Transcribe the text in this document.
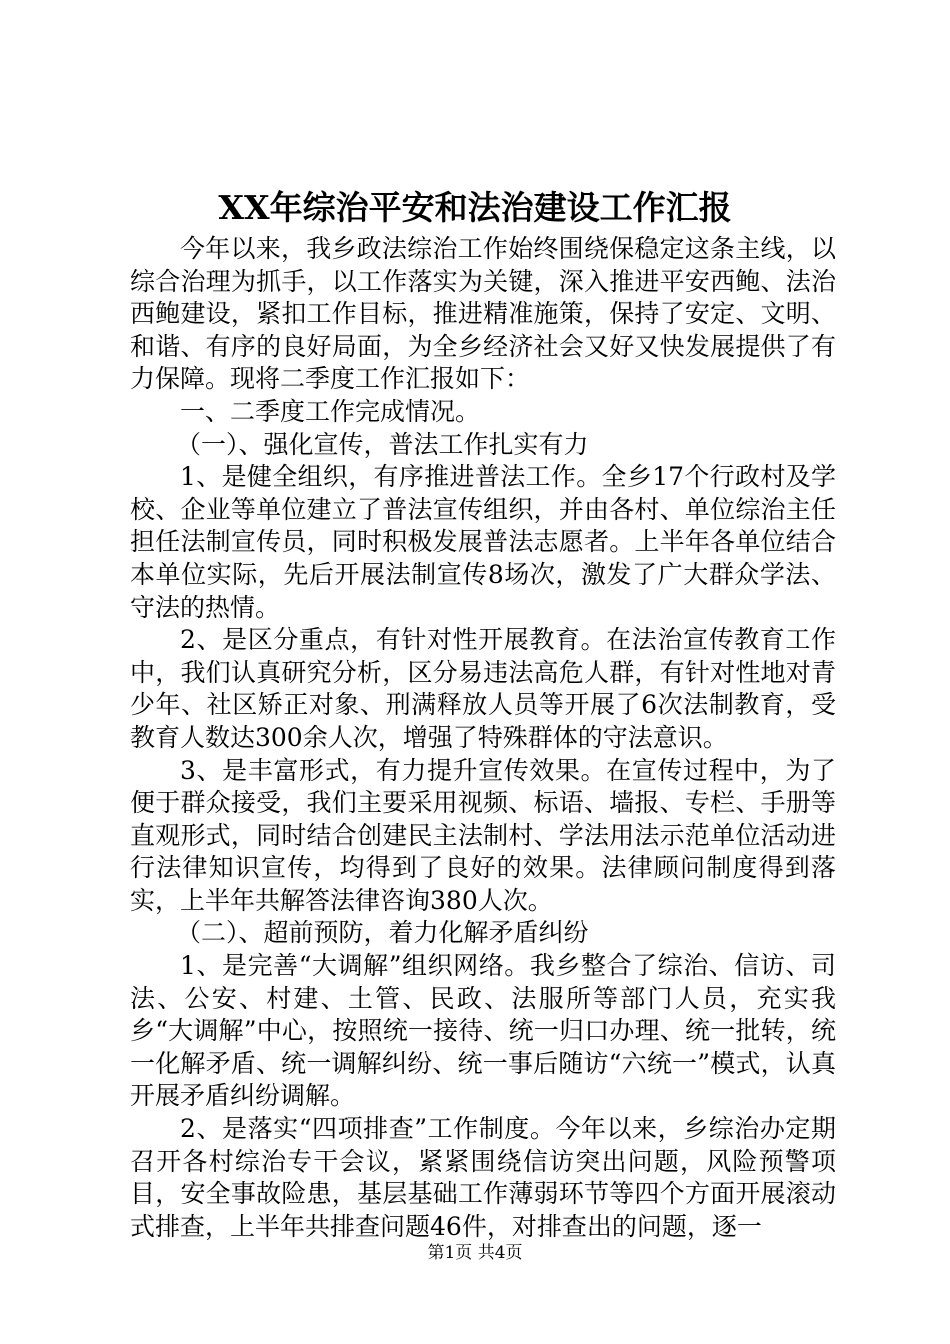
XX年综治平安和法治建设工作汇报

今年以来，我乡政法综治工作始终围绕保稳定这条主线，以综合治理为抓手，以工作落实为关键，深入推进平安西鲍、法治西鲍建设，紧扣工作目标，推进精准施策，保持了安定、文明、和谐、有序的良好局面，为全乡经济社会又好又快发展提供了有力保障。现将二季度工作汇报如下：

一、二季度工作完成情况。

（一）、强化宣传，普法工作扎实有力

1、是健全组织，有序推进普法工作。全乡17个行政村及学校、企业等单位建立了普法宣传组织，并由各村、单位综治主任担任法制宣传员，同时积极发展普法志愿者。上半年各单位结合本单位实际，先后开展法制宣传8场次，激发了广大群众学法、守法的热情。

2、是区分重点，有针对性开展教育。在法治宣传教育工作中，我们认真研究分析，区分易违法高危人群，有针对性地对青少年、社区矫正对象、刑满释放人员等开展了6次法制教育，受教育人数达300余人次，增强了特殊群体的守法意识。

3、是丰富形式，有力提升宣传效果。在宣传过程中，为了便于群众接受，我们主要采用视频、标语、墙报、专栏、手册等直观形式，同时结合创建民主法制村、学法用法示范单位活动进行法律知识宣传，均得到了良好的效果。法律顾问制度得到落实，上半年共解答法律咨询380人次。

（二）、超前预防，着力化解矛盾纠纷

1、是完善“大调解”组织网络。我乡整合了综治、信访、司法、公安、村建、土管、民政、法服所等部门人员，充实我乡“大调解”中心，按照统一接待、统一归口办理、统一批转，统一化解矛盾、统一调解纠纷、统一事后随访“六统一”模式，认真开展矛盾纠纷调解。

2、是落实“四项排查”工作制度。今年以来，乡综治办定期召开各村综治专干会议，紧紧围绕信访突出问题，风险预警项目，安全事故险患，基层基础工作薄弱环节等四个方面开展滚动式排查，上半年共排查问题46件，对排查出的问题，逐一

第1页 共4页
